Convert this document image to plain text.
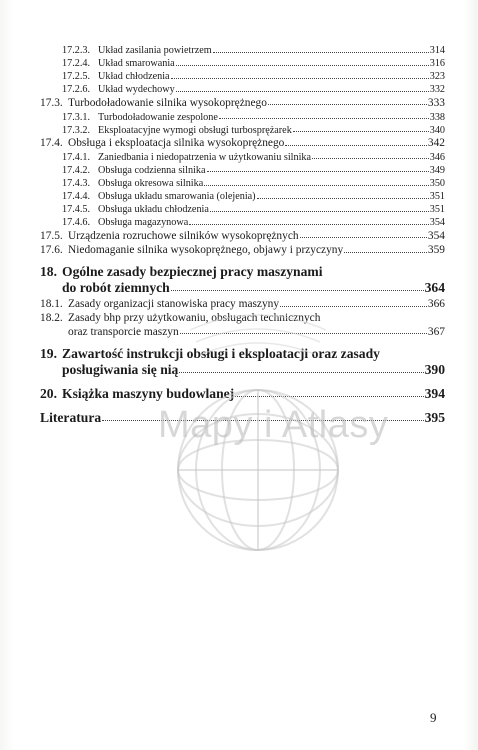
17.2.3. Układ zasilania powietrzem	314
17.2.4. Układ smarowania	316
17.2.5. Układ chłodzenia	323
17.2.6. Układ wydechowy	332
17.3. Turbodoładowanie silnika wysokoprężnego	333
17.3.1. Turbodoładowanie zespolone	338
17.3.2. Eksploatacyjne wymogi obsługi turbosprężarek	340
17.4. Obsługa i eksploatacja silnika wysokoprężnego	342
17.4.1. Zaniedbania i niedopatrzenia w użytkowaniu silnika	346
17.4.2. Obsługa codzienna silnika	349
17.4.3. Obsługa okresowa silnika	350
17.4.4. Obsługa układu smarowania (olejenia)	351
17.4.5. Obsługa układu chłodzenia	351
17.4.6. Obsługa magazynowa	354
17.5. Urządzenia rozruchowe silników wysokoprężnych	354
17.6. Niedomaganie silnika wysokoprężnego, objawy i przyczyny	359
18. Ogólne zasady bezpiecznej pracy maszynami
do robót ziemnych	364
18.1. Zasady organizacji stanowiska pracy maszyny	366
18.2. Zasady bhp przy użytkowaniu, obsługach technicznych
oraz transporcie maszyn	367
19. Zawartość instrukcji obsługi i eksploatacji oraz zasady
posługiwania się nią	390
20. Książka maszyny budowlanej	394
Literatura	395
Mapy i Atlasy
9
